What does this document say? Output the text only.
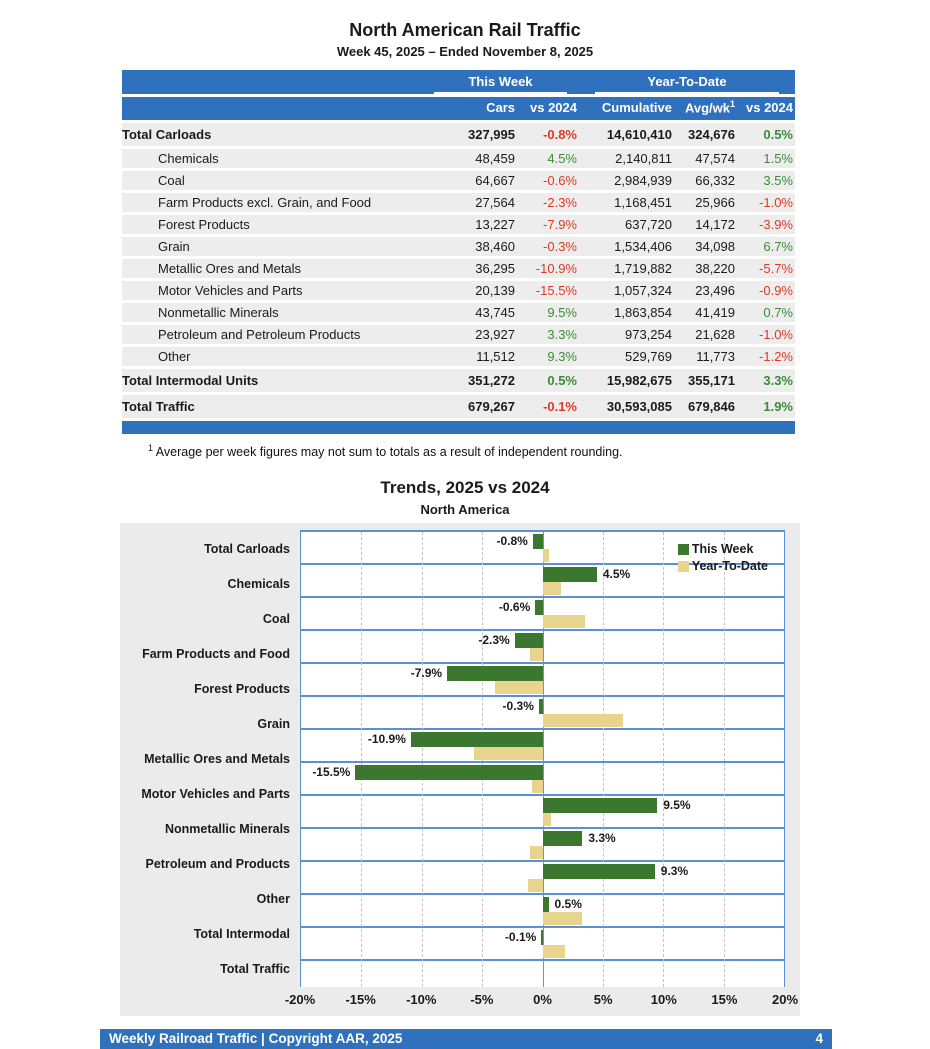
North American Rail Traffic
Week 45, 2025 – Ended November 8, 2025
	This Week		Year-To-Date		
	Cars	vs 2024	Cumulative	Avg/$wk^1$	vs 2024
Total Carloads	327,995	-0.8%	14,610,410	324,676	0.5%
Chemicals	48,459	4.5%	2,140,811	47,574	1.5%
Coal	64,667	-0.6%	2,984,939	66,332	3.5%
Farm Products excl. Grain, and Food	27,564	-2.3%	1,168,451	25,966	-1.0%
Forest Products	13,227	-7.9%	637,720	14,172	-3.9%
Grain	38,460	-0.3%	1,534,406	34,098	6.7%
Metallic Ores and Metals	36,295	-10.9%	1,719,882	38,220	-5.7%
Motor Vehicles and Parts	20,139	-15.5%	1,057,324	23,496	-0.9%
Nonmetallic Minerals	43,745	9.5%	1,863,854	41,419	0.7%
Petroleum and Petroleum Products	23,927	3.3%	973,254	21,628	-1.0%
Other	11,512	9.3%	529,769	11,773	-1.2%
Total Intermodal Units	351,272	0.5%	15,982,675	355,171	3.3%
Total Traffic	679,267	-0.1%	30,593,085	679,846	1.9%
$^1$ Average per week figures may not sum to totals as a result of independent rounding.
Trends, 2025 vs 2024
North America
Total Carloads
Chemicals
Coal
Farm Products and Food
Forest Products
Grain
Metallic Ores and Metals
Motor Vehicles and Parts
Nonmetallic Minerals
Petroleum and Products
Other
Total Intermodal
Total Traffic
This Week
Year-To-Date
-0.8%
4.5%
-0.6%
-2.3%
-7.9%
-0.3%
-10.9%
-15.5%
9.5%
3.3%
9.3%
0.5%
-0.1%
-20% -15% -10%	-5%	0%	5%	10%	15%	20%
Weekly Railroad Traffic | Copyright AAR, 2025	4
